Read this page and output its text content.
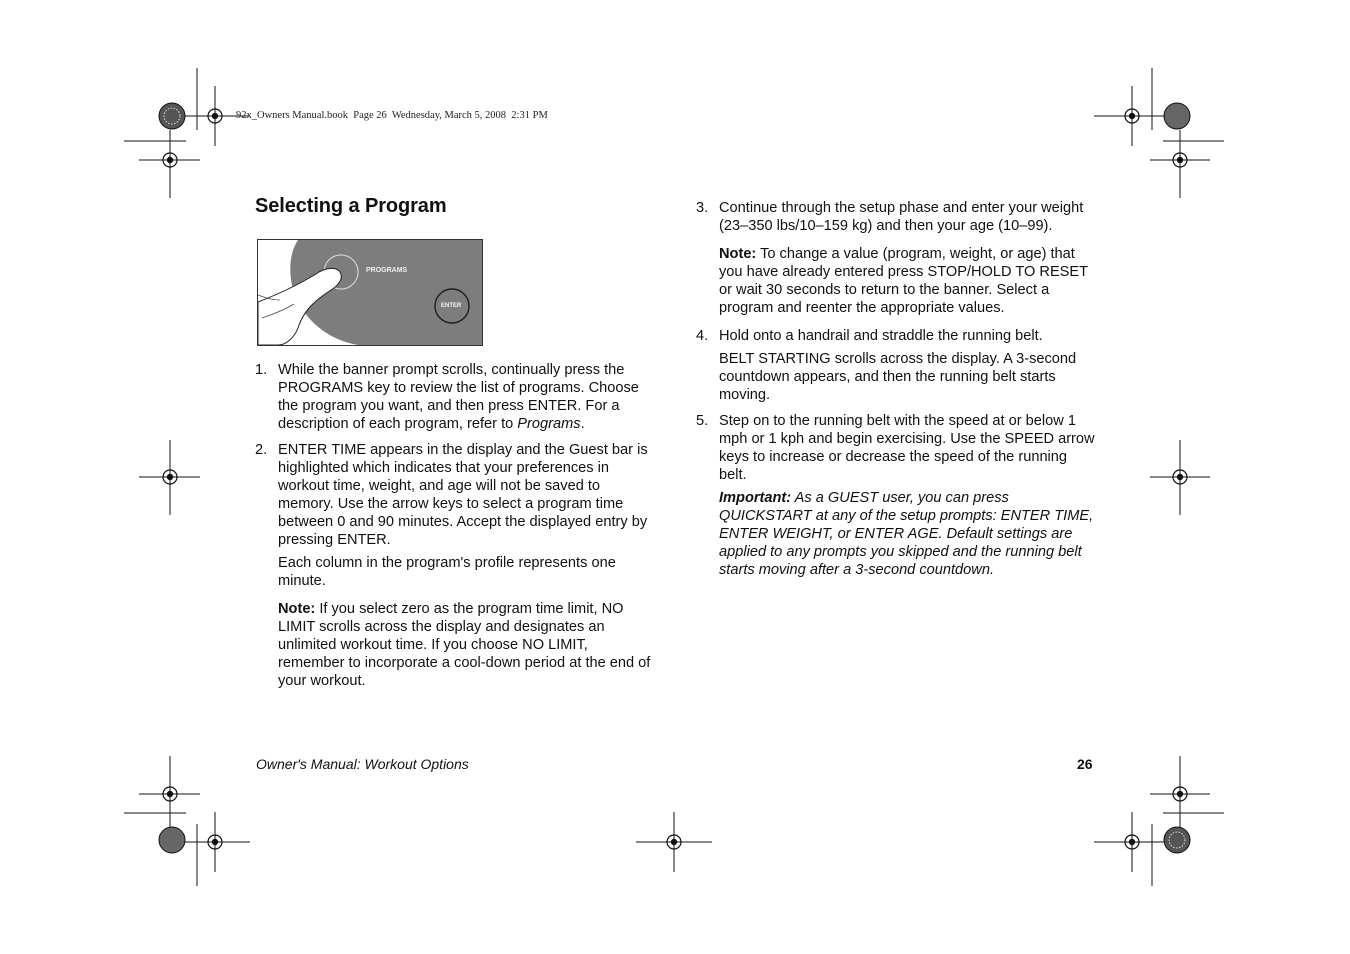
92x_Owners Manual.book  Page 26  Wednesday, March 5, 2008  2:31 PM
Selecting a Program
PROGRAMS
ENTER
1. While the banner prompt scrolls, continually press the PROGRAMS key to review the list of programs. Choose the program you want, and then press ENTER. For a description of each program, refer to Programs.
2. ENTER TIME appears in the display and the Guest bar is highlighted which indicates that your preferences in workout time, weight, and age will not be saved to memory. Use the arrow keys to select a program time between 0 and 90 minutes. Accept the displayed entry by pressing ENTER.

Each column in the program's profile represents one minute.

Note: If you select zero as the program time limit, NO LIMIT scrolls across the display and designates an unlimited workout time. If you choose NO LIMIT, remember to incorporate a cool-down period at the end of your workout.

3. Continue through the setup phase and enter your weight (23–350 lbs/10–159 kg) and then your age (10–99).

Note: To change a value (program, weight, or age) that you have already entered press STOP/HOLD TO RESET or wait 30 seconds to return to the banner. Select a program and reenter the appropriate values.

4. Hold onto a handrail and straddle the running belt.

BELT STARTING scrolls across the display. A 3-second countdown appears, and then the running belt starts moving.

5. Step on to the running belt with the speed at or below 1 mph or 1 kph and begin exercising. Use the SPEED arrow keys to increase or decrease the speed of the running belt.

Important: As a GUEST user, you can press QUICKSTART at any of the setup prompts: ENTER TIME, ENTER WEIGHT, or ENTER AGE. Default settings are applied to any prompts you skipped and the running belt starts moving after a 3-second countdown.

Owner's Manual: Workout Options	26
